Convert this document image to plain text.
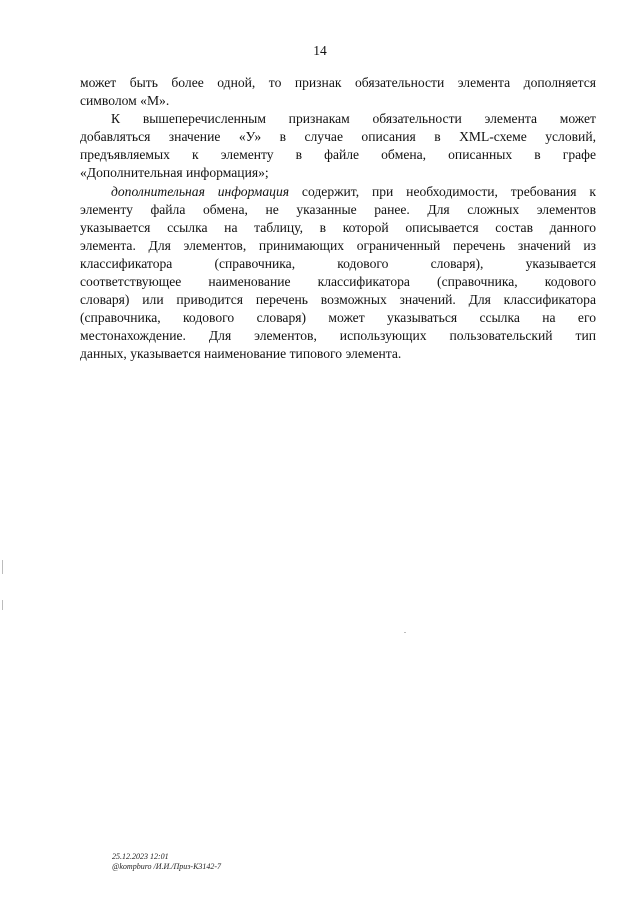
14
может быть более одной, то признак обязательности элемента дополняется
символом «М».
К вышеперечисленным признакам обязательности элемента может
добавляться значение «У» в случае описания в XML-схеме условий,
предъявляемых к элементу в файле обмена, описанных в графе
«Дополнительная информация»;
дополнительная информация содержит, при необходимости, требования к
элементу файла обмена, не указанные ранее. Для сложных элементов
указывается ссылка на таблицу, в которой описывается состав данного
элемента. Для элементов, принимающих ограниченный перечень значений из
классификатора (справочника, кодового словаря), указывается
соответствующее наименование классификатора (справочника, кодового
словаря) или приводится перечень возможных значений. Для классификатора
(справочника, кодового словаря) может указываться ссылка на его
местонахождение. Для элементов, использующих пользовательский тип
данных, указывается наименование типового элемента.
25.12.2023 12:01
@kompburo /И.И./Приз-К3142-7
